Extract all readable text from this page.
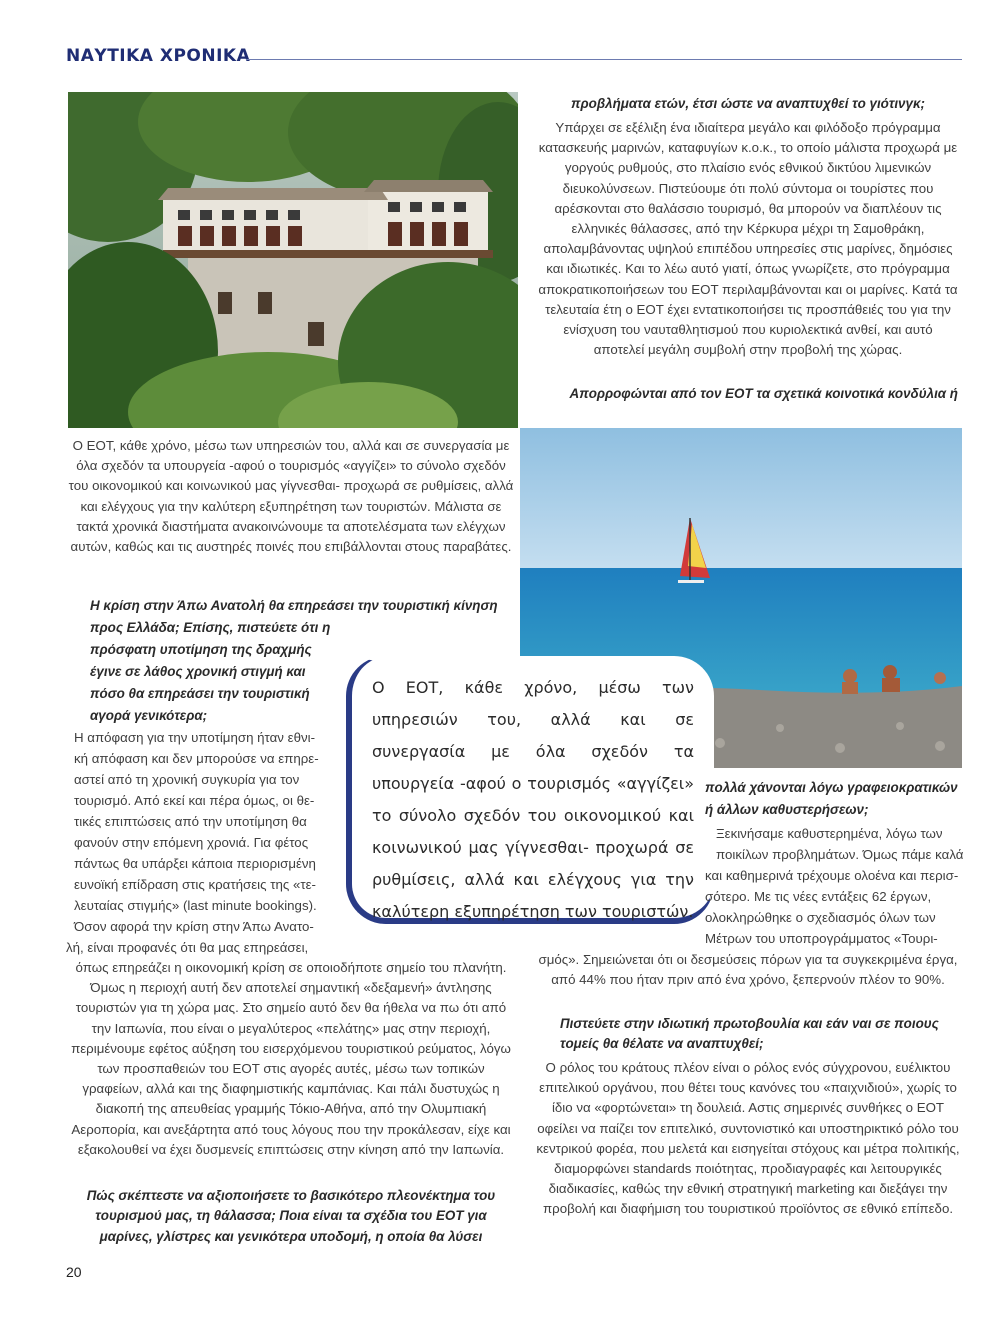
ΝΑΥΤΙΚΑ ΧΡΟΝΙΚΑ
προβλήματα ετών, έτσι ώστε να αναπτυχθεί το γιότινγκ;
Υπάρχει σε εξέλιξη ένα ιδιαίτερα μεγάλο και φιλόδοξο πρόγραμμα κατασκευής μαρινών, καταφυγίων κ.ο.κ., το οποίο μάλιστα προχωρά με γοργούς ρυθμούς, στο πλαίσιο ενός εθνικού δικτύου λιμενικών διευκολύνσεων. Πιστεύουμε ότι πολύ σύντομα οι τουρίστες που αρέσκονται στο θαλάσσιο τουρισμό, θα μπορούν να διαπλέουν τις ελληνικές θάλασσες, από την Κέρκυρα μέχρι τη Σαμοθράκη, απολαμβάνοντας υψηλού επιπέδου υπηρεσίες στις μαρίνες, δημόσιες και ιδιωτικές. Και το λέω αυτό γιατί, όπως γνωρίζετε, στο πρόγραμμα αποκρατικοποιήσεων του ΕΟΤ περιλαμβάνονται και οι μαρίνες. Κατά τα τελευταία έτη ο ΕΟΤ έχει εντατικοποιήσει τις προσπάθειές του για την ενίσχυση του ναυταθλητισμού που κυριολεκτικά ανθεί, και αυτό αποτελεί μεγάλη συμβολή στην προβολή της χώρας.
Απορροφώνται από τον ΕΟΤ τα σχετικά κοινοτικά κονδύλια ή
Ο ΕΟΤ, κάθε χρόνο, μέσω των υπηρεσιών του, αλλά και σε συνεργασία με όλα σχεδόν τα υπουργεία -αφού ο τουρισμός «αγγίζει» το σύνολο σχεδόν του οικονομικού και κοινωνικού μας γίγνεσθαι- προχωρά σε ρυθμίσεις, αλλά και ελέγχους για την καλύτερη εξυπηρέτηση των τουριστών. Μάλιστα σε τακτά χρονικά διαστήματα ανακοινώνουμε τα αποτελέσματα των ελέγχων αυτών, καθώς και τις αυστηρές ποινές που επιβάλλονται στους παραβάτες.
Η κρίση στην Άπω Ανατολή θα επηρεάσει την τουριστική κίνηση
προς Ελλάδα; Επίσης, πιστεύετε ότι η
πρόσφατη υποτίμηση της δραχμής
έγινε σε λάθος χρονική στιγμή και
πόσο θα επηρεάσει την τουριστική
αγορά γενικότερα;
Η απόφαση για την υποτίμηση ήταν εθνι-
κή απόφαση και δεν μπορούσε να επηρε-
αστεί από τη χρονική συγκυρία για τον
τουρισμό. Από εκεί και πέρα όμως, οι θε-
τικές επιπτώσεις από την υποτίμηση θα
φανούν στην επόμενη χρονιά. Για φέτος
πάντως θα υπάρξει κάποια περιορισμένη
ευνοϊκή επίδραση στις κρατήσεις της «τε-
λευταίας στιγμής» (last minute bookings).
Όσον αφορά την κρίση στην Άπω Ανατο-
λή, είναι προφανές ότι θα μας επηρεάσει,
όπως επηρεάζει η οικονομική κρίση σε οποιοδήποτε σημείο του πλανήτη. Όμως η περιοχή αυτή δεν αποτελεί σημαντική «δεξαμενή» άντλησης τουριστών για τη χώρα μας. Στο σημείο αυτό δεν θα ήθελα να πω ότι από την Ιαπωνία, που είναι ο μεγαλύτερος «πελάτης» μας στην περιοχή, περιμένουμε εφέτος αύξηση του εισερχόμενου τουριστικού ρεύματος, λόγω των προσπαθειών του ΕΟΤ στις αγορές αυτές, μέσω των τοπικών γραφείων, αλλά και της διαφημιστικής καμπάνιας. Και πάλι δυστυχώς η διακοπή της απευθείας γραμμής Τόκιο-Αθήνα, από την Ολυμπιακή Αεροπορία, και ανεξάρτητα από τους λόγους που την προκάλεσαν, είχε και εξακολουθεί να έχει δυσμενείς επιπτώσεις στην κίνηση από την Ιαπωνία.
Πώς σκέπτεστε να αξιοποιήσετε το βασικότερο πλεονέκτημα του τουρισμού μας, τη θάλασσα; Ποια είναι τα σχέδια του ΕΟΤ για μαρίνες, γλίστρες και γενικότερα υποδομή, η οποία θα λύσει
Ο ΕΟΤ, κάθε χρόνο, μέσω των υπηρεσιών του, αλλά και σε συνεργασία με όλα σχεδόν τα υπουργεία -αφού ο τουρισμός «αγγίζει» το σύνολο σχεδόν του οικονομικού και κοινωνικού μας γίγνεσθαι- προχωρά σε ρυθμίσεις, αλλά και ελέγχους για την καλύτερη εξυπηρέτηση των τουριστών.
πολλά χάνονται λόγω γραφειοκρατικών
ή άλλων καθυστερήσεων;
Ξεκινήσαμε καθυστερημένα, λόγω των
ποικίλων προβλημάτων. Όμως πάμε καλά
και καθημερινά τρέχουμε ολοένα και περισ-
σότερο. Με τις νέες εντάξεις 62 έργων,
ολοκληρώθηκε ο σχεδιασμός όλων των
Μέτρων του υποπρογράμματος «Τουρι-
σμός». Σημειώνεται ότι οι δεσμεύσεις πόρων για τα συγκεκριμένα έργα, από 44% που ήταν πριν από ένα χρόνο, ξεπερνούν πλέον το 90%.
Πιστεύετε στην ιδιωτική πρωτοβουλία και εάν ναι σε ποιους τομείς θα θέλατε να αναπτυχθεί;
Ο ρόλος του κράτους πλέον είναι ο ρόλος ενός σύγχρονου, ευέλικτου επιτελικού οργάνου, που θέτει τους κανόνες του «παιχνιδιού», χωρίς το ίδιο να «φορτώνεται» τη δουλειά. Αστις σημερινές συνθήκες ο ΕΟΤ οφείλει να παίζει τον επιτελικό, συντονιστικό και υποστηρικτικό ρόλο του κεντρικού φορέα, που μελετά και εισηγείται στόχους και μέτρα πολιτικής, διαμορφώνει standards ποιότητας, προδιαγραφές και λειτουργικές διαδικασίες, καθώς την εθνική στρατηγική marketing και διεξάγει την προβολή και διαφήμιση του τουριστικού προϊόντος σε εθνικό επίπεδο.
20
